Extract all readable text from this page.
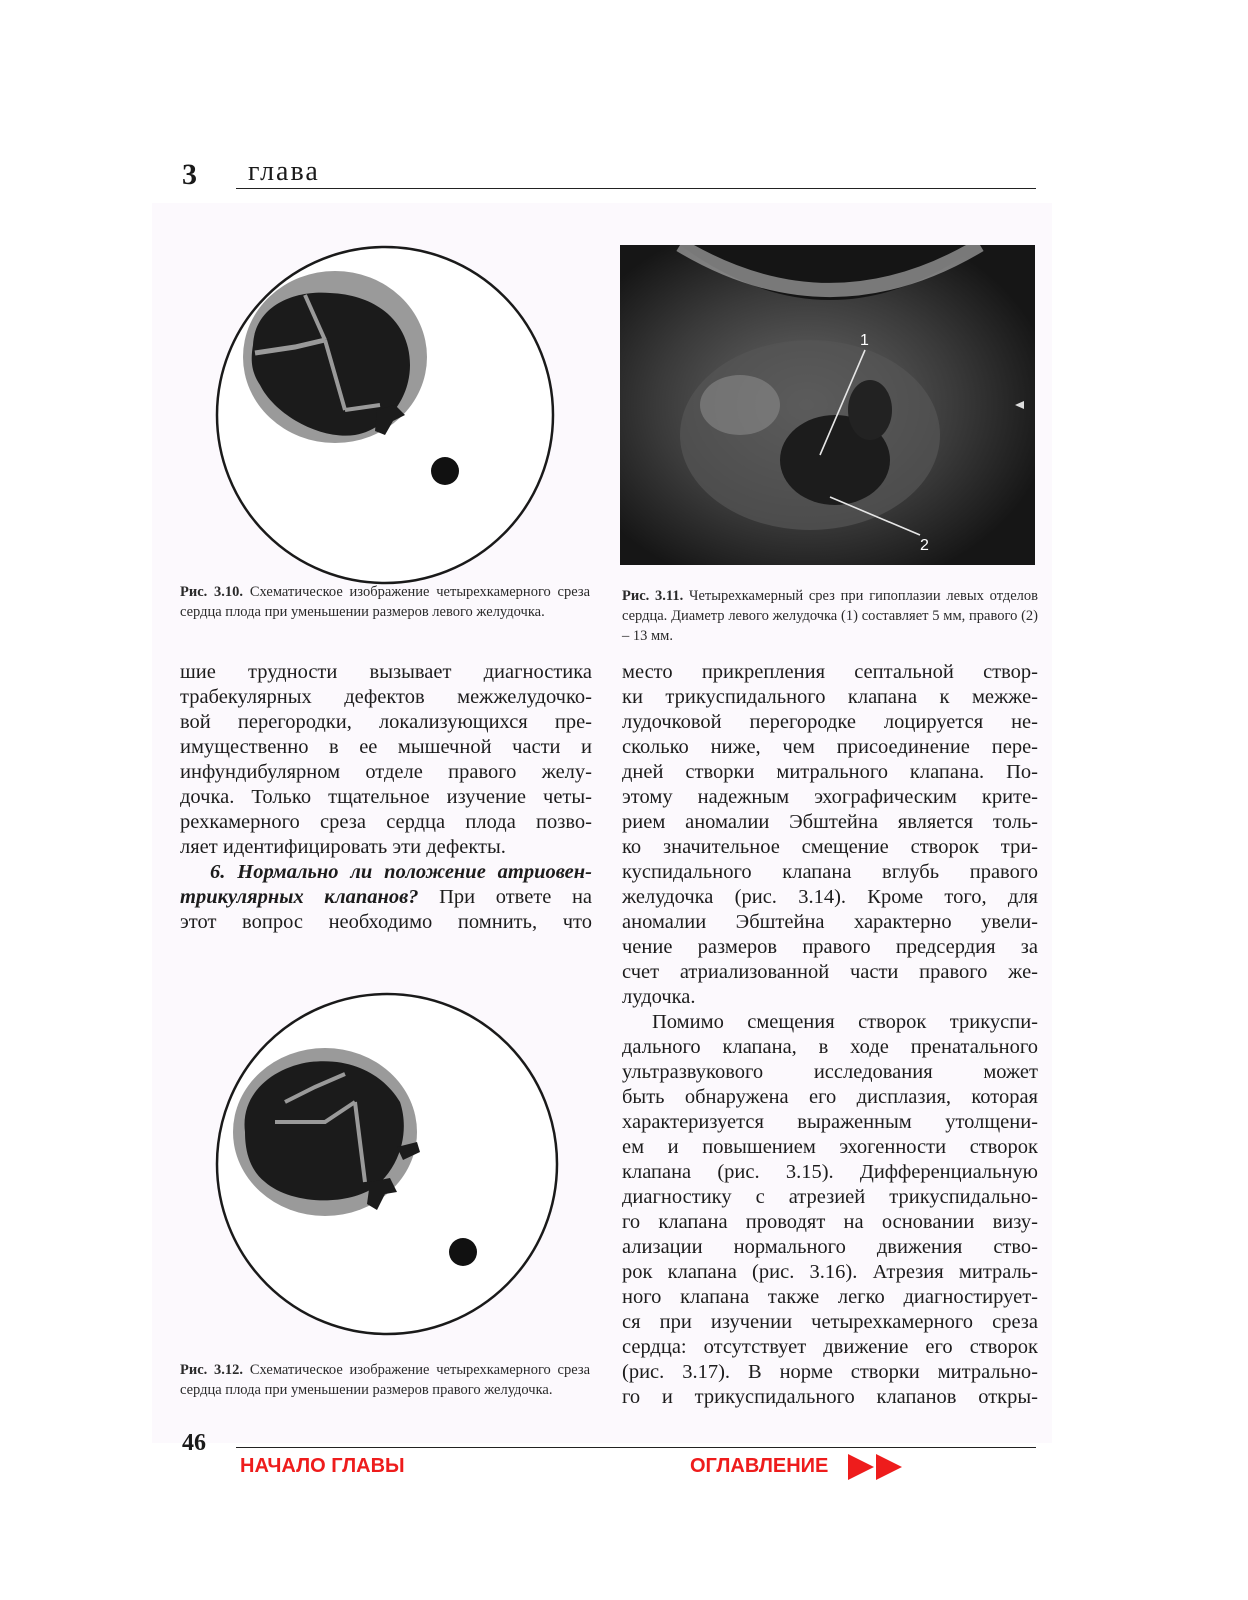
3 глава
1
2
Рис. 3.10. Схематическое изображение четырехкамерного среза сердца плода при уменьшении размеров левого желудочка.
Рис. 3.11. Четырехкамерный срез при гипоплазии левых отделов сердца. Диаметр левого желудочка (1) составляет 5 мм, правого (2) – 13 мм.
шие трудности вызывает диагностика
трабекулярных дефектов межжелудочко-
вой перегородки, локализующихся пре-
имущественно в ее мышечной части и
инфундибулярном отделе правого желу-
дочка. Только тщательное изучение четы-
рехкамерного среза сердца плода позво-
ляет идентифицировать эти дефекты.
6. Нормально ли положение атриовен-
трикулярных клапанов? При ответе на
этот вопрос необходимо помнить, что
место прикрепления септальной створ-
ки трикуспидального клапана к межже-
лудочковой перегородке лоцируется не-
сколько ниже, чем присоединение пере-
дней створки митрального клапана. По-
этому надежным эхографическим крите-
рием аномалии Эбштейна является толь-
ко значительное смещение створок три-
куспидального клапана вглубь правого
желудочка (рис. 3.14). Кроме того, для
аномалии Эбштейна характерно увели-
чение размеров правого предсердия за
счет атриализованной части правого же-
лудочка.
Помимо смещения створок трикуспи-
дального клапана, в ходе пренатального
ультразвукового исследования может
быть обнаружена его дисплазия, которая
характеризуется выраженным утолщени-
ем и повышением эхогенности створок
клапана (рис. 3.15). Дифференциальную
диагностику с атрезией трикуспидально-
го клапана проводят на основании визу-
ализации нормального движения ство-
рок клапана (рис. 3.16). Атрезия митраль-
ного клапана также легко диагностирует-
ся при изучении четырехкамерного среза
сердца: отсутствует движение его створок
(рис. 3.17). В норме створки митрально-
го и трикуспидального клапанов откры-
Рис. 3.12. Схематическое изображение четырехкамерного среза сердца плода при уменьшении размеров правого желудочка.
46
НАЧАЛО ГЛАВЫ	ОГЛАВЛЕНИЕ
